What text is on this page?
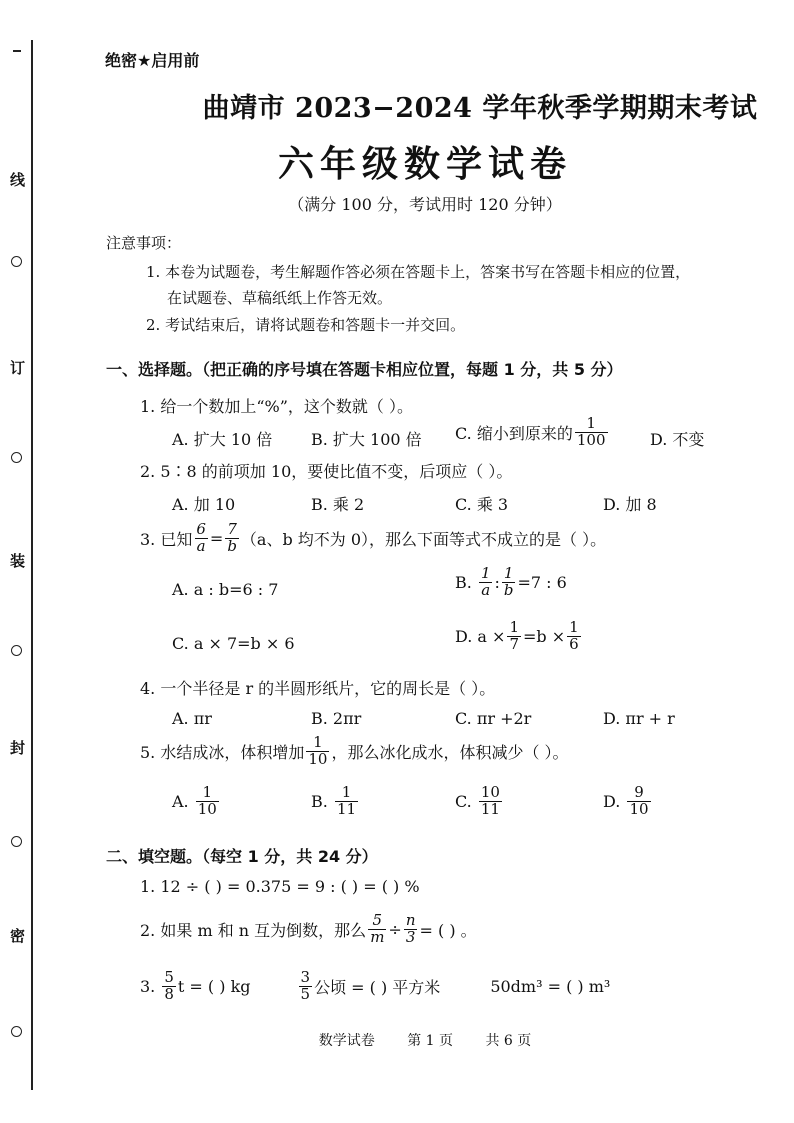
线
订
装
封
密
绝密★启用前
曲靖市 2023−2024 学年秋季学期期末考试
六年级数学试卷
（满分 100 分，考试用时 120 分钟）
注意事项：
1. 本卷为试题卷，考生解题作答必须在答题卡上，答案书写在答题卡相应的位置，
在试题卷、草稿纸纸上作答无效。
2. 考试结束后，请将试题卷和答题卡一并交回。
一、选择题。（把正确的序号填在答题卡相应位置，每题 1 分，共 5 分）
1. 给一个数加上“%”，这个数就（ ）。
A. 扩大 10 倍 B. 扩大 100 倍 C. 缩小到原来的 $\frac{1}{100}$	D. 不变
2. 5∶8 的前项加 10，要使比值不变，后项应（ ）。
A. 加 10	B. 乘 2	C. 乘 3	D. 加 8
3. 已知 $\frac{6}{a} = \frac{7}{b} (a$、b 均不为 0），那么下面等式不成立的是（ ）。
A. a : b=6 : 7	B.
$\frac{1}{a}$ : $\frac{1}{b} =7$ : 6
C. a × 7=b × 6	D. $a \times \frac{1}{7} =b \times \frac{1}{6}$
4. 一个半径是 r 的半圆形纸片，它的周长是（ ）。
A. πr	B. 2πr	C. πr +2r	D. πr + r
5. 水结成冰，体积增加 $\frac{1}{10}$ ，那么冰化成水，体积减少（ ）。
A.
$\frac{1}{10}$	B.
$\frac{1}{11}$	C.
$\frac{10}{11}$	D.
$\frac{9}{10}$
二、填空题。（每空 1 分，共 24 分）
1. 12 ÷ ( ) = 0.375 = 9 : ( ) = ( ) %
2. 如果 m 和 n 互为倒数，那么 $\frac{5}{m} \div \frac{n}{3}$ = ( ) 。
3.
$\frac{5}{8}$ t = ( ) kg	$\frac{3}{5}$ 公顷 = ( ) 平方米	50dm³ = ( ) m³
数学试卷 第 1 页 共 6 页
